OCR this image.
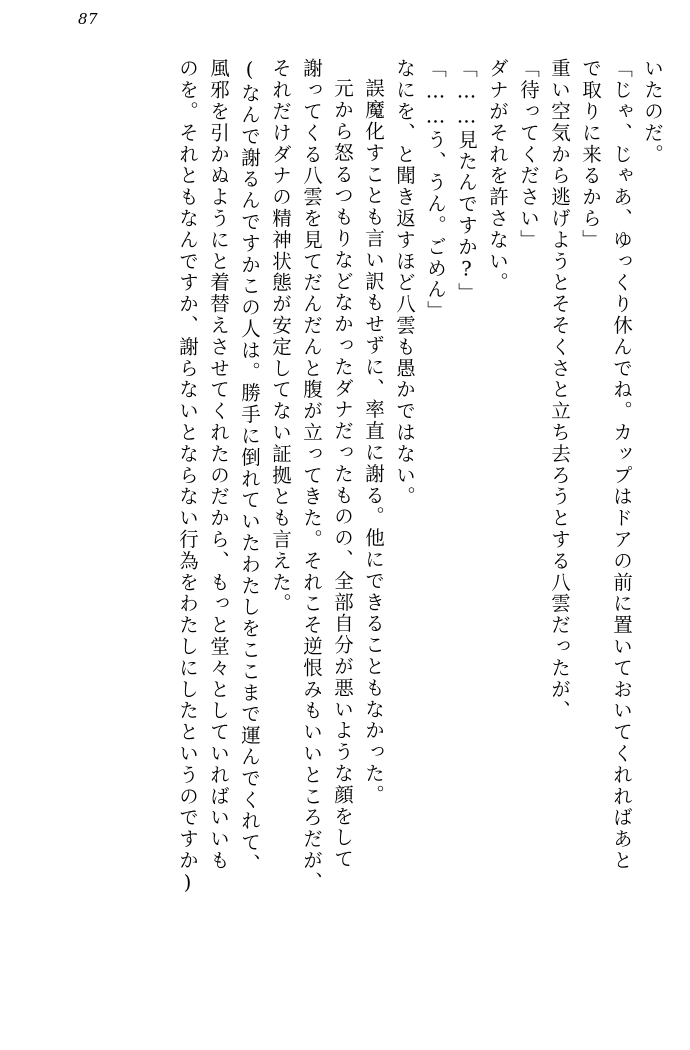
87
いたのだ。
「じゃ、じゃあ、ゆっくり休んでね。カップはドアの前に置いておいてくれればあと
で取りに来るから」
重い空気から逃げようとそそくさと立ち去ろうとする八雲だったが、
「待ってください」
ダナがそれを許さない。
「……見たんですか?」
「……う、うん。ごめん」
なにを、と聞き返すほど八雲も愚かではない。
誤魔化すことも言い訳もせずに、率直に謝る。他にできることもなかった。
元から怒るつもりなどなかったダナだったものの、全部自分が悪いような顔をして
謝ってくる八雲を見てだんだんと腹が立ってきた。それこそ逆恨みもいいところだが、
それだけダナの精神状態が安定してない証拠とも言えた。
(なんで謝るんですかこの人は。勝手に倒れていたわたしをここまで運んでくれて、
風邪を引かぬようにと着替えさせてくれたのだから、もっと堂々としていればいいも
のを。それともなんですか、謝らないとならない行為をわたしにしたというのですか)
